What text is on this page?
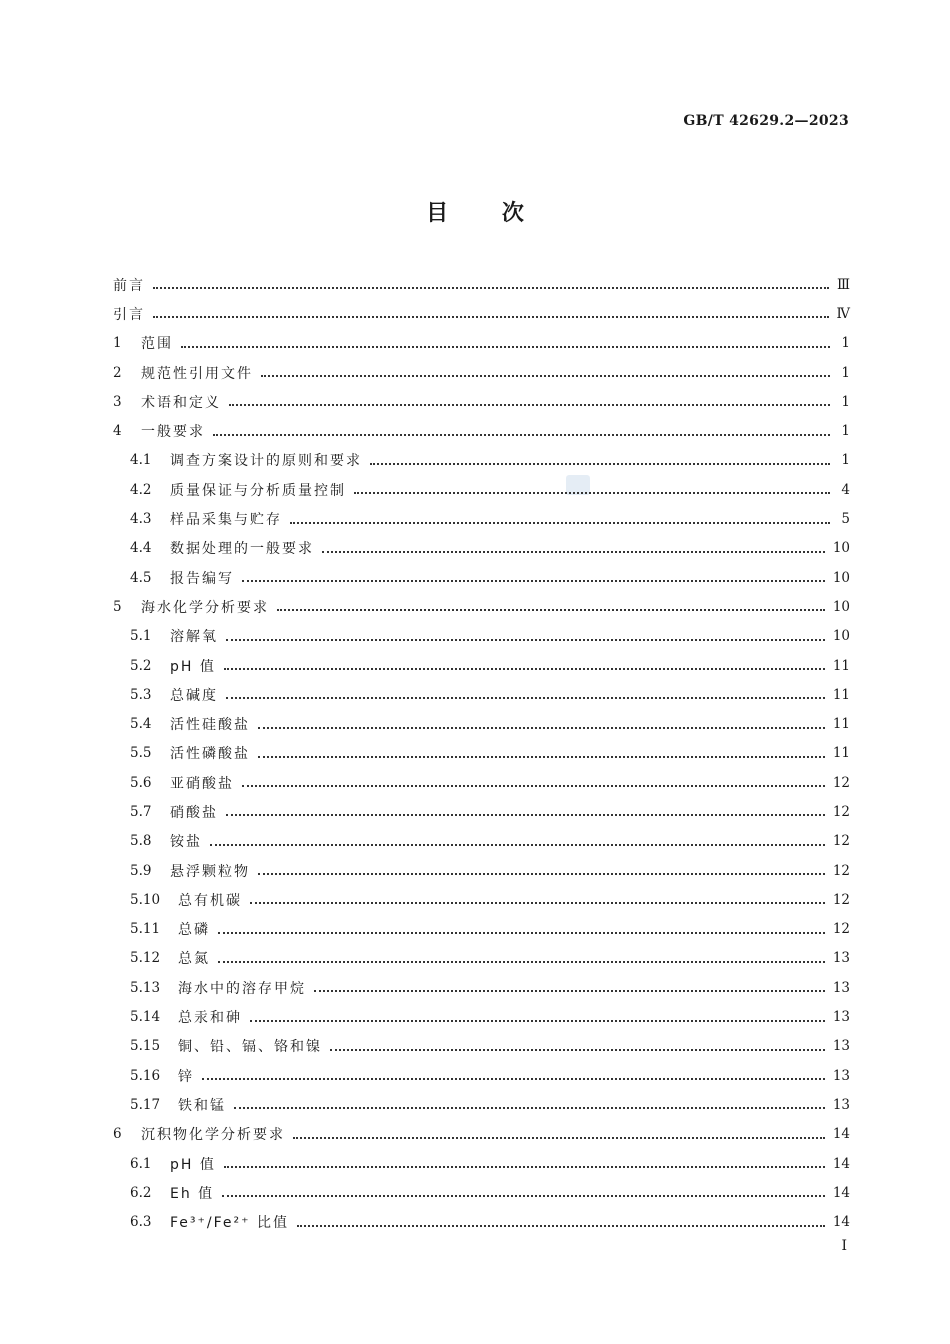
GB/T 42629.2—2023
目 次
前言	Ⅲ
引言	Ⅳ
1	范围	1
2	规范性引用文件	1
3	术语和定义	1
4	一般要求	1
4.1	调查方案设计的原则和要求	1
4.2	质量保证与分析质量控制	4
4.3	样品采集与贮存	5
4.4	数据处理的一般要求	10
4.5	报告编写	10
5	海水化学分析要求	10
5.1	溶解氧	10
5.2	pH 值	11
5.3	总碱度	11
5.4	活性硅酸盐	11
5.5	活性磷酸盐	11
5.6	亚硝酸盐	12
5.7	硝酸盐	12
5.8	铵盐	12
5.9	悬浮颗粒物	12
5.10	总有机碳	12
5.11	总磷	12
5.12	总氮	13
5.13	海水中的溶存甲烷	13
5.14	总汞和砷	13
5.15	铜、铅、镉、铬和镍	13
5.16	锌	13
5.17	铁和锰	13
6	沉积物化学分析要求	14
6.1	pH 值	14
6.2	Eh 值	14
6.3	Fe³⁺/Fe²⁺ 比值	14
I
